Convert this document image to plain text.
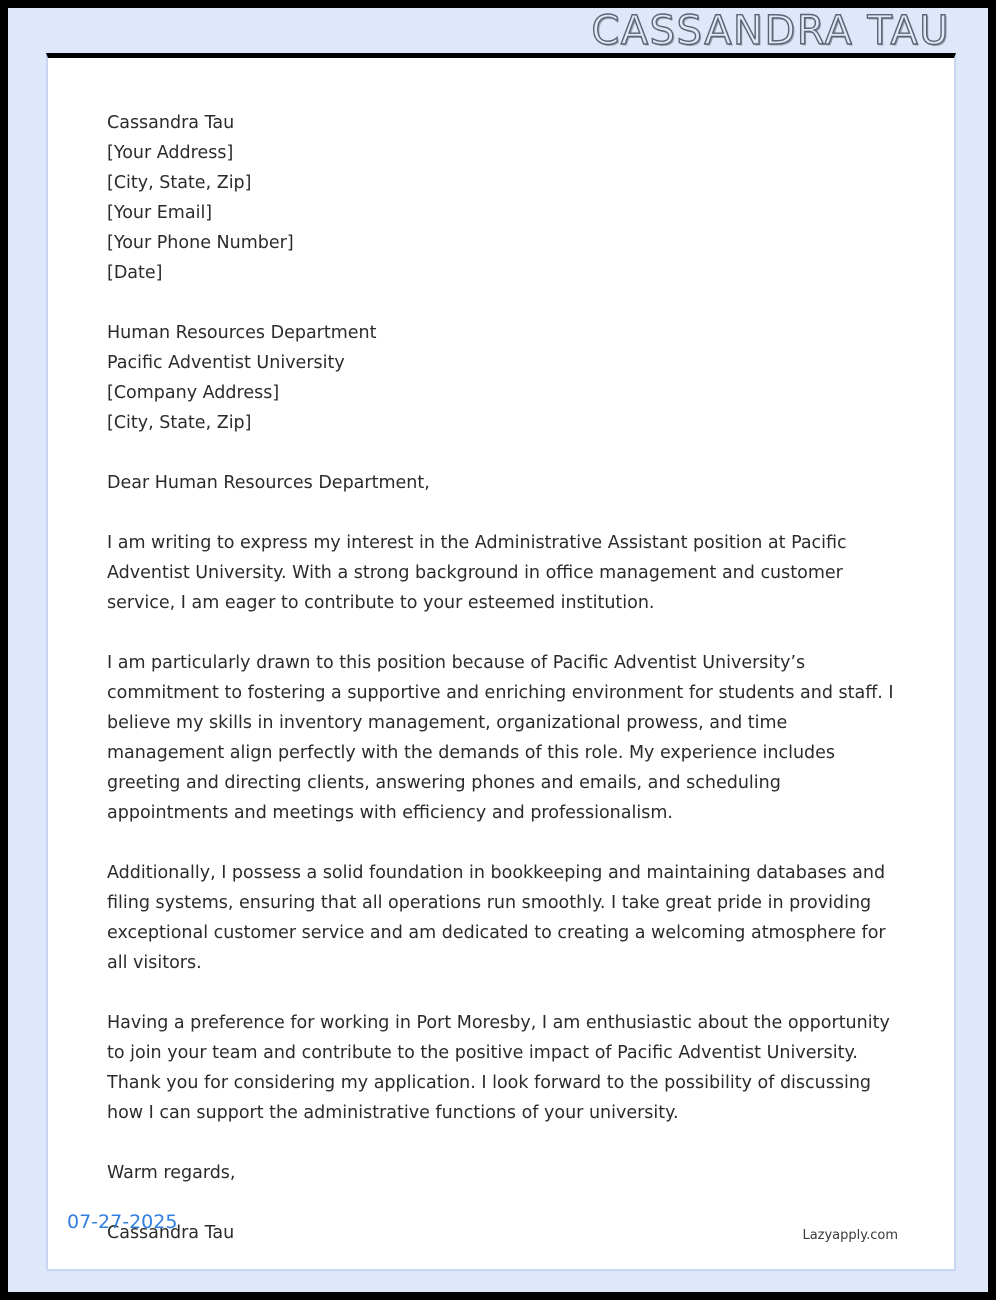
CASSANDRA TAU
Cassandra Tau
[Your Address]
[City, State, Zip]
[Your Email]
[Your Phone Number]
[Date]
Human Resources Department
Pacific Adventist University
[Company Address]
[City, State, Zip]
Dear Human Resources Department,

I am writing to express my interest in the Administrative Assistant position at Pacific Adventist University. With a strong background in office management and customer service, I am eager to contribute to your esteemed institution.

I am particularly drawn to this position because of Pacific Adventist University’s commitment to fostering a supportive and enriching environment for students and staff. I believe my skills in inventory management, organizational prowess, and time management align perfectly with the demands of this role. My experience includes greeting and directing clients, answering phones and emails, and scheduling appointments and meetings with efficiency and professionalism.

Additionally, I possess a solid foundation in bookkeeping and maintaining databases and filing systems, ensuring that all operations run smoothly. I take great pride in providing exceptional customer service and am dedicated to creating a welcoming atmosphere for all visitors.

Having a preference for working in Port Moresby, I am enthusiastic about the opportunity to join your team and contribute to the positive impact of Pacific Adventist University. Thank you for considering my application. I look forward to the possibility of discussing how I can support the administrative functions of your university.

Warm regards,
Cassandra Tau	Lazyapply.com
07-27-2025
